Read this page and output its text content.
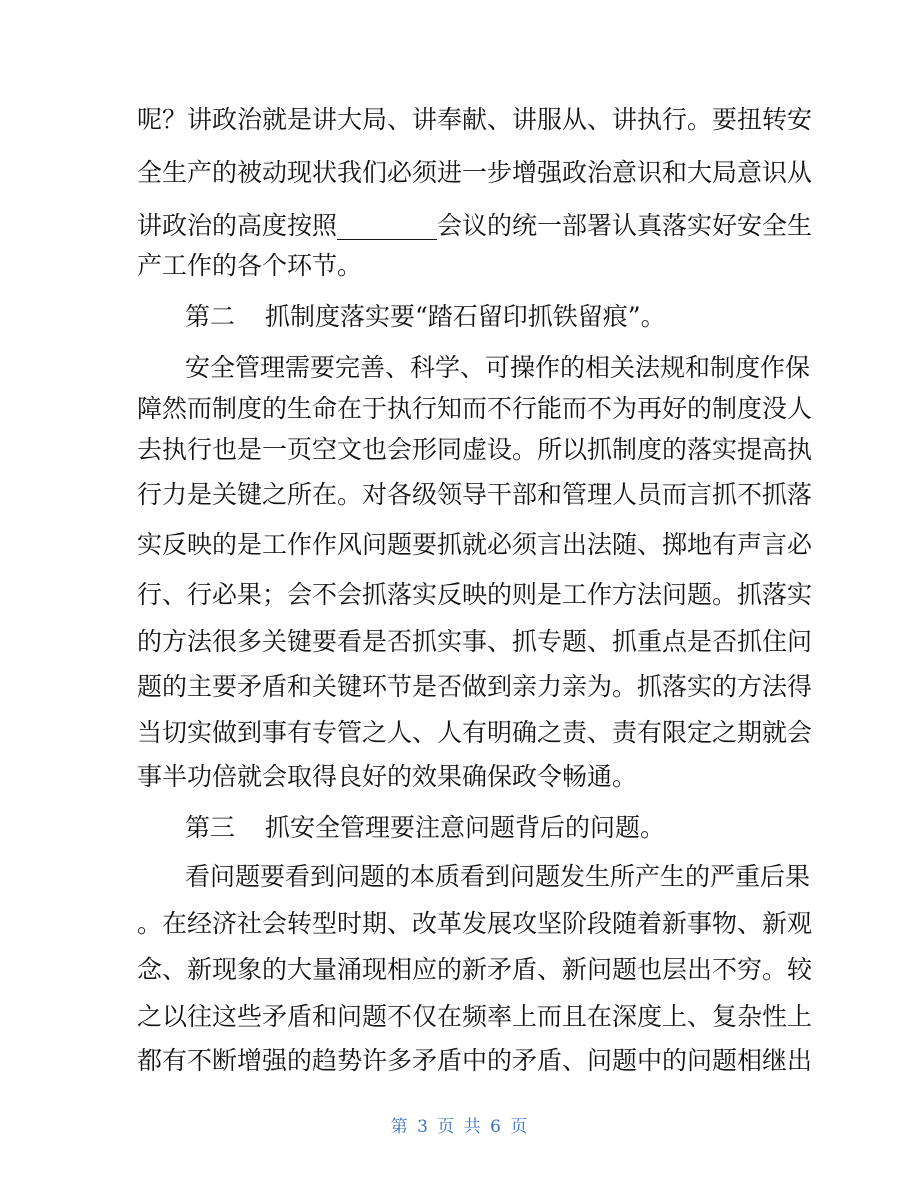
呢？讲政治就是讲大局、讲奉献、讲服从、讲执行。要扭转安
全生产的被动现状我们必须进一步增强政治意识和大局意识从
讲政治的高度按照________会议的统一部署认真落实好安全生
产工作的各个环节。
第二 抓制度落实要“踏石留印抓铁留痕”。
安全管理需要完善、科学、可操作的相关法规和制度作保
障然而制度的生命在于执行知而不行能而不为再好的制度没人
去执行也是一页空文也会形同虚设。所以抓制度的落实提高执
行力是关键之所在。对各级领导干部和管理人员而言抓不抓落
实反映的是工作作风问题要抓就必须言出法随、掷地有声言必
行、行必果；会不会抓落实反映的则是工作方法问题。抓落实
的方法很多关键要看是否抓实事、抓专题、抓重点是否抓住问
题的主要矛盾和关键环节是否做到亲力亲为。抓落实的方法得
当切实做到事有专管之人、人有明确之责、责有限定之期就会
事半功倍就会取得良好的效果确保政令畅通。
第三 抓安全管理要注意问题背后的问题。
看问题要看到问题的本质看到问题发生所产生的严重后果
。在经济社会转型时期、改革发展攻坚阶段随着新事物、新观
念、新现象的大量涌现相应的新矛盾、新问题也层出不穷。较
之以往这些矛盾和问题不仅在频率上而且在深度上、复杂性上
都有不断增强的趋势许多矛盾中的矛盾、问题中的问题相继出
第 3 页 共 6 页
